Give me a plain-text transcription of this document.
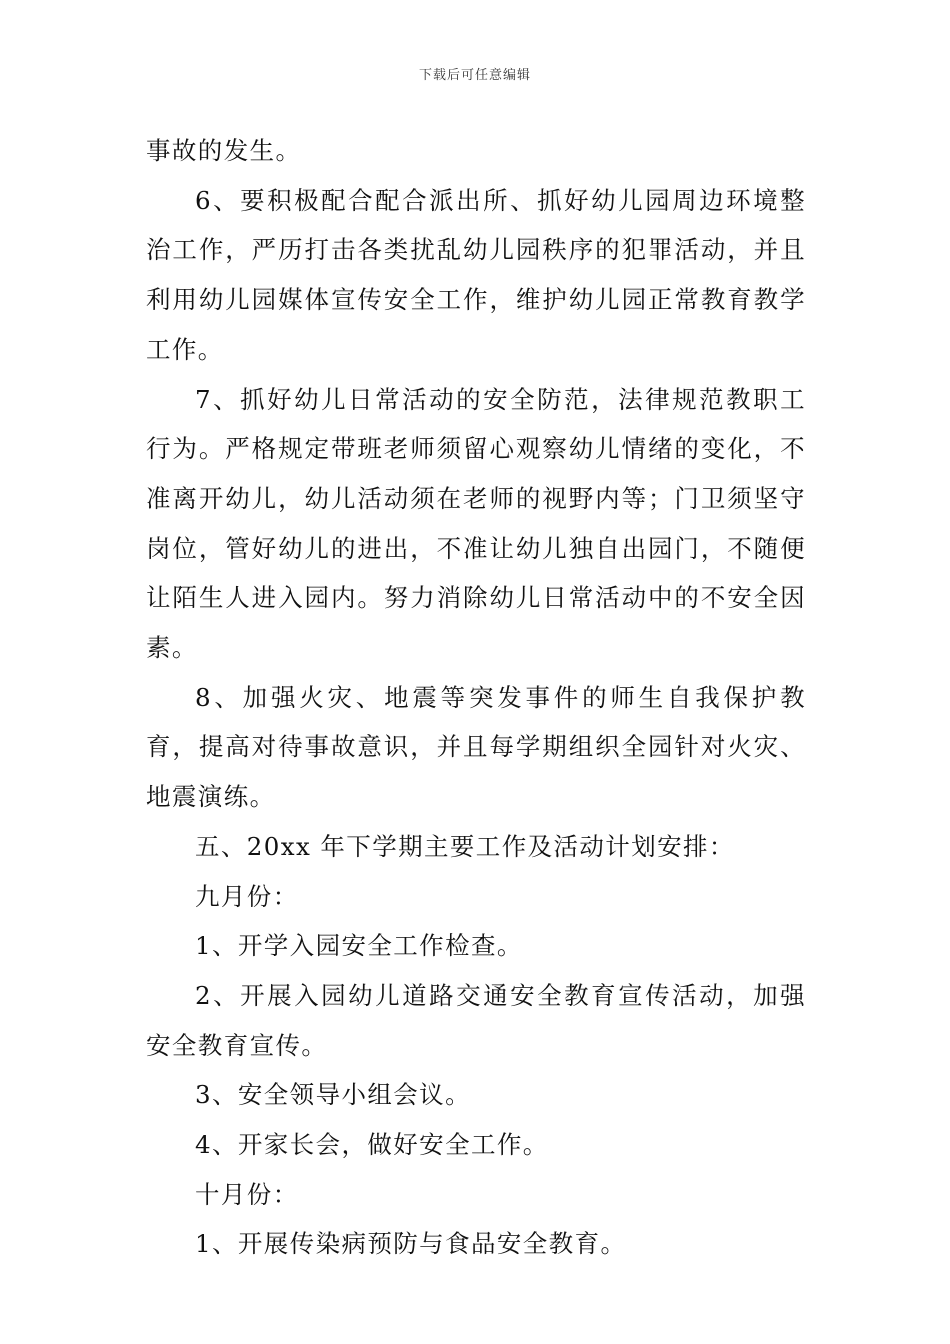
下载后可任意编辑

事故的发生。

6、要积极配合配合派出所、抓好幼儿园周边环境整治工作，严历打击各类扰乱幼儿园秩序的犯罪活动，并且利用幼儿园媒体宣传安全工作，维护幼儿园正常教育教学工作。

7、抓好幼儿日常活动的安全防范，法律规范教职工行为。严格规定带班老师须留心观察幼儿情绪的变化，不准离开幼儿，幼儿活动须在老师的视野内等；门卫须坚守岗位，管好幼儿的进出，不准让幼儿独自出园门，不随便让陌生人进入园内。努力消除幼儿日常活动中的不安全因素。

8、加强火灾、地震等突发事件的师生自我保护教育，提高对待事故意识，并且每学期组织全园针对火灾、地震演练。

五、20xx 年下学期主要工作及活动计划安排：

九月份：

1、开学入园安全工作检查。

2、开展入园幼儿道路交通安全教育宣传活动，加强安全教育宣传。

3、安全领导小组会议。

4、开家长会，做好安全工作。

十月份：

1、开展传染病预防与食品安全教育。
